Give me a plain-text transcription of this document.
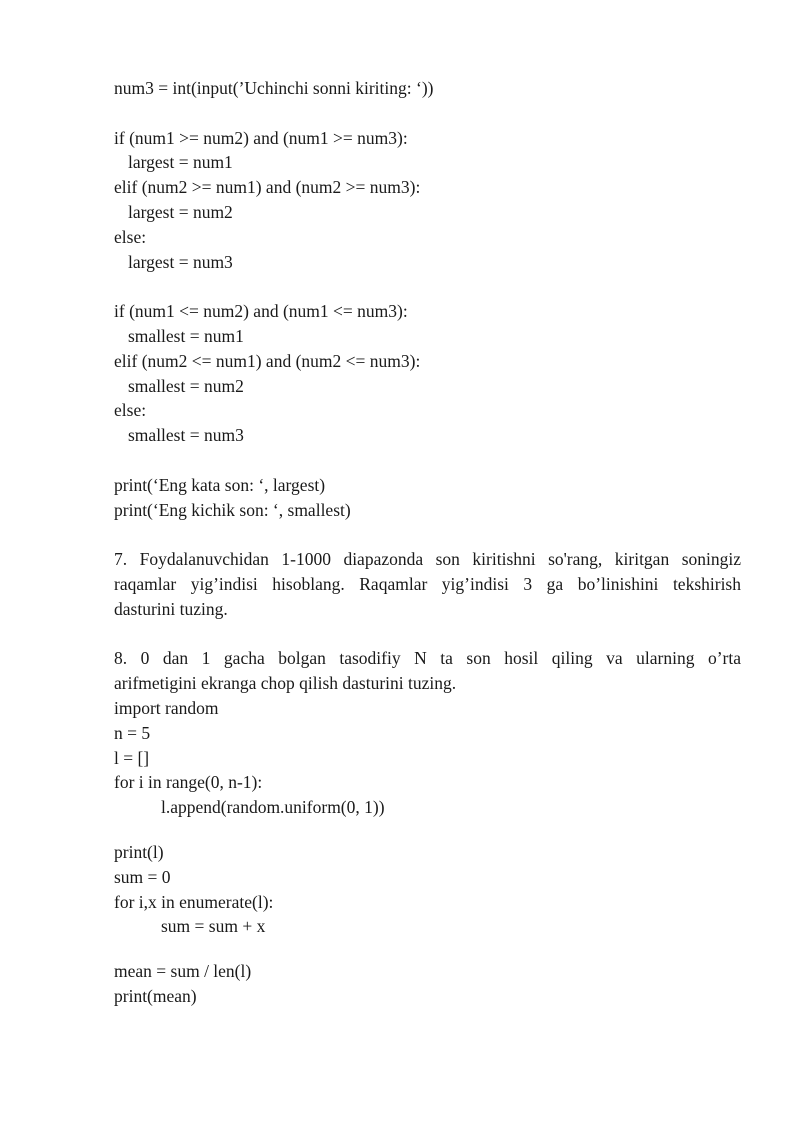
num3 = int(input(’Uchinchi sonni kiriting: ‘))
if (num1 >= num2) and (num1 >= num3):
largest = num1
elif (num2 >= num1) and (num2 >= num3):
largest = num2
else:
largest = num3
if (num1 <= num2) and (num1 <= num3):
smallest = num1
elif (num2 <= num1) and (num2 <= num3):
smallest = num2
else:
smallest = num3
print(‘Eng kata son: ‘, largest)
print(‘Eng kichik son: ‘, smallest)
7. Foydalanuvchidan 1-1000 diapazonda son kiritishni so'rang, kiritgan soningiz
raqamlar yig’indisi hisoblang. Raqamlar yig’indisi 3 ga bo’linishini tekshirish
dasturini tuzing.
8. 0 dan 1 gacha bolgan tasodifiy N ta son hosil qiling va ularning o’rta
arifmetigini ekranga chop qilish dasturini tuzing.
import random
n = 5
l = []
for i in range(0, n-1):
l.append(random.uniform(0, 1))
print(l)
sum = 0
for i,x in enumerate(l):
sum = sum + x
mean = sum / len(l)
print(mean)
